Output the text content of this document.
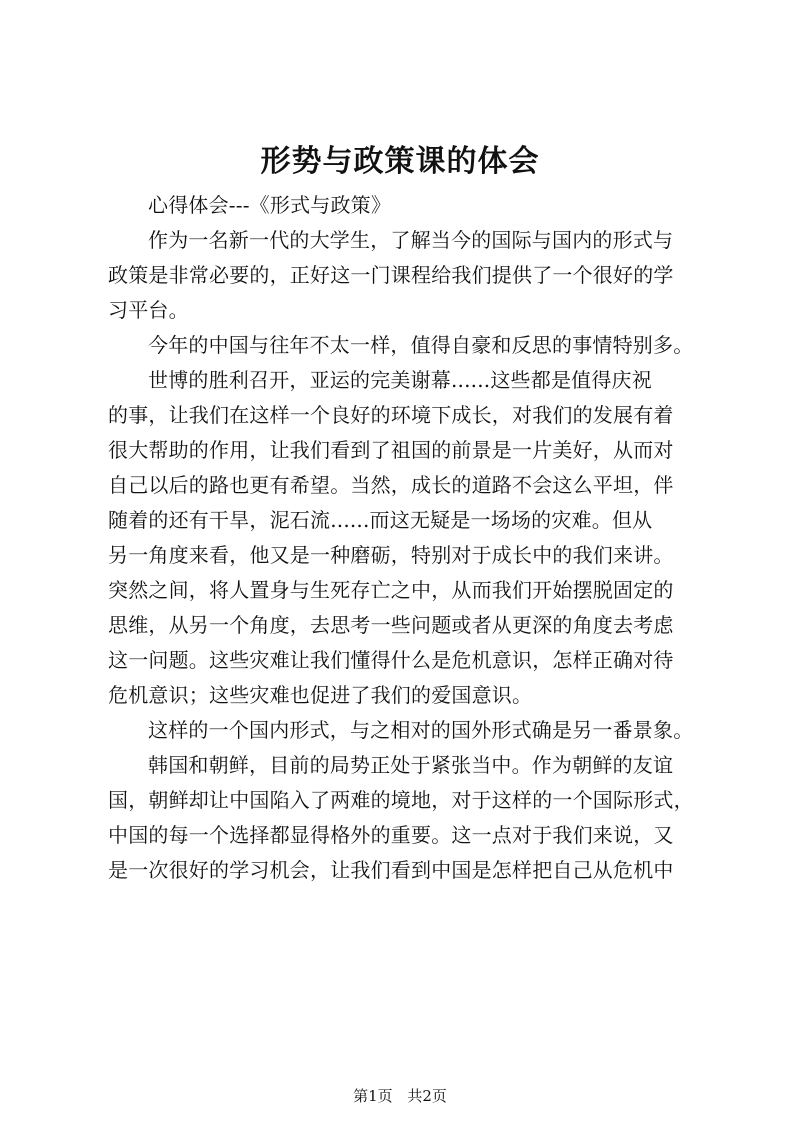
形势与政策课的体会
心得体会---《形式与政策》
作为一名新一代的大学生，了解当今的国际与国内的形式与
政策是非常必要的，正好这一门课程给我们提供了一个很好的学
习平台。
今年的中国与往年不太一样，值得自豪和反思的事情特别多。
世博的胜利召开，亚运的完美谢幕......这些都是值得庆祝
的事，让我们在这样一个良好的环境下成长，对我们的发展有着
很大帮助的作用，让我们看到了祖国的前景是一片美好，从而对
自己以后的路也更有希望。当然，成长的道路不会这么平坦，伴
随着的还有干旱，泥石流......而这无疑是一场场的灾难。但从
另一角度来看，他又是一种磨砺，特别对于成长中的我们来讲。
突然之间，将人置身与生死存亡之中，从而我们开始摆脱固定的
思维，从另一个角度，去思考一些问题或者从更深的角度去考虑
这一问题。这些灾难让我们懂得什么是危机意识，怎样正确对待
危机意识；这些灾难也促进了我们的爱国意识。
这样的一个国内形式，与之相对的国外形式确是另一番景象。
韩国和朝鲜，目前的局势正处于紧张当中。作为朝鲜的友谊
国，朝鲜却让中国陷入了两难的境地，对于这样的一个国际形式，
中国的每一个选择都显得格外的重要。这一点对于我们来说，又
是一次很好的学习机会，让我们看到中国是怎样把自己从危机中
第1页 共2页
